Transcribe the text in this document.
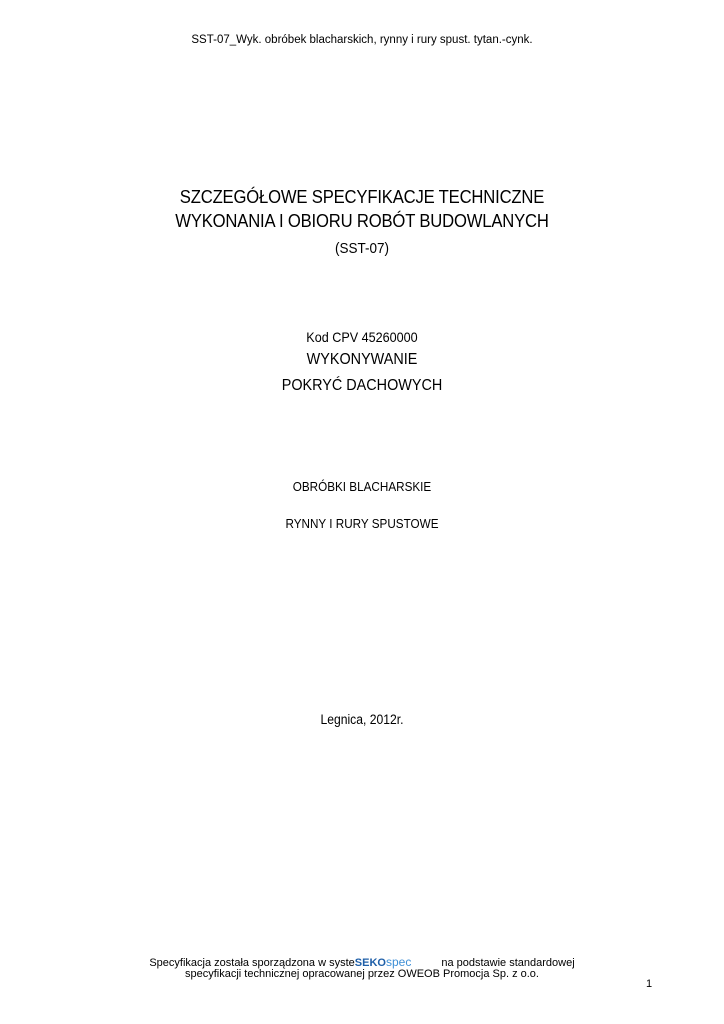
SST-07_Wyk. obróbek blacharskich, rynny i rury spust. tytan.-cynk.
SZCZEGÓŁOWE SPECYFIKACJE TECHNICZNE
WYKONANIA I OBIORU ROBÓT BUDOWLANYCH
(SST-07)
Kod CPV 45260000
WYKONYWANIE
POKRYĆ DACHOWYCH
OBRÓBKI BLACHARSKIE
RYNNY I RURY SPUSTOWE
Legnica, 2012r.
Specyfikacja została sporządzona w systeSEKOspec	na podstawie standardowej
specyfikacji technicznej opracowanej przez OWEOB Promocja Sp. z o.o.
1
